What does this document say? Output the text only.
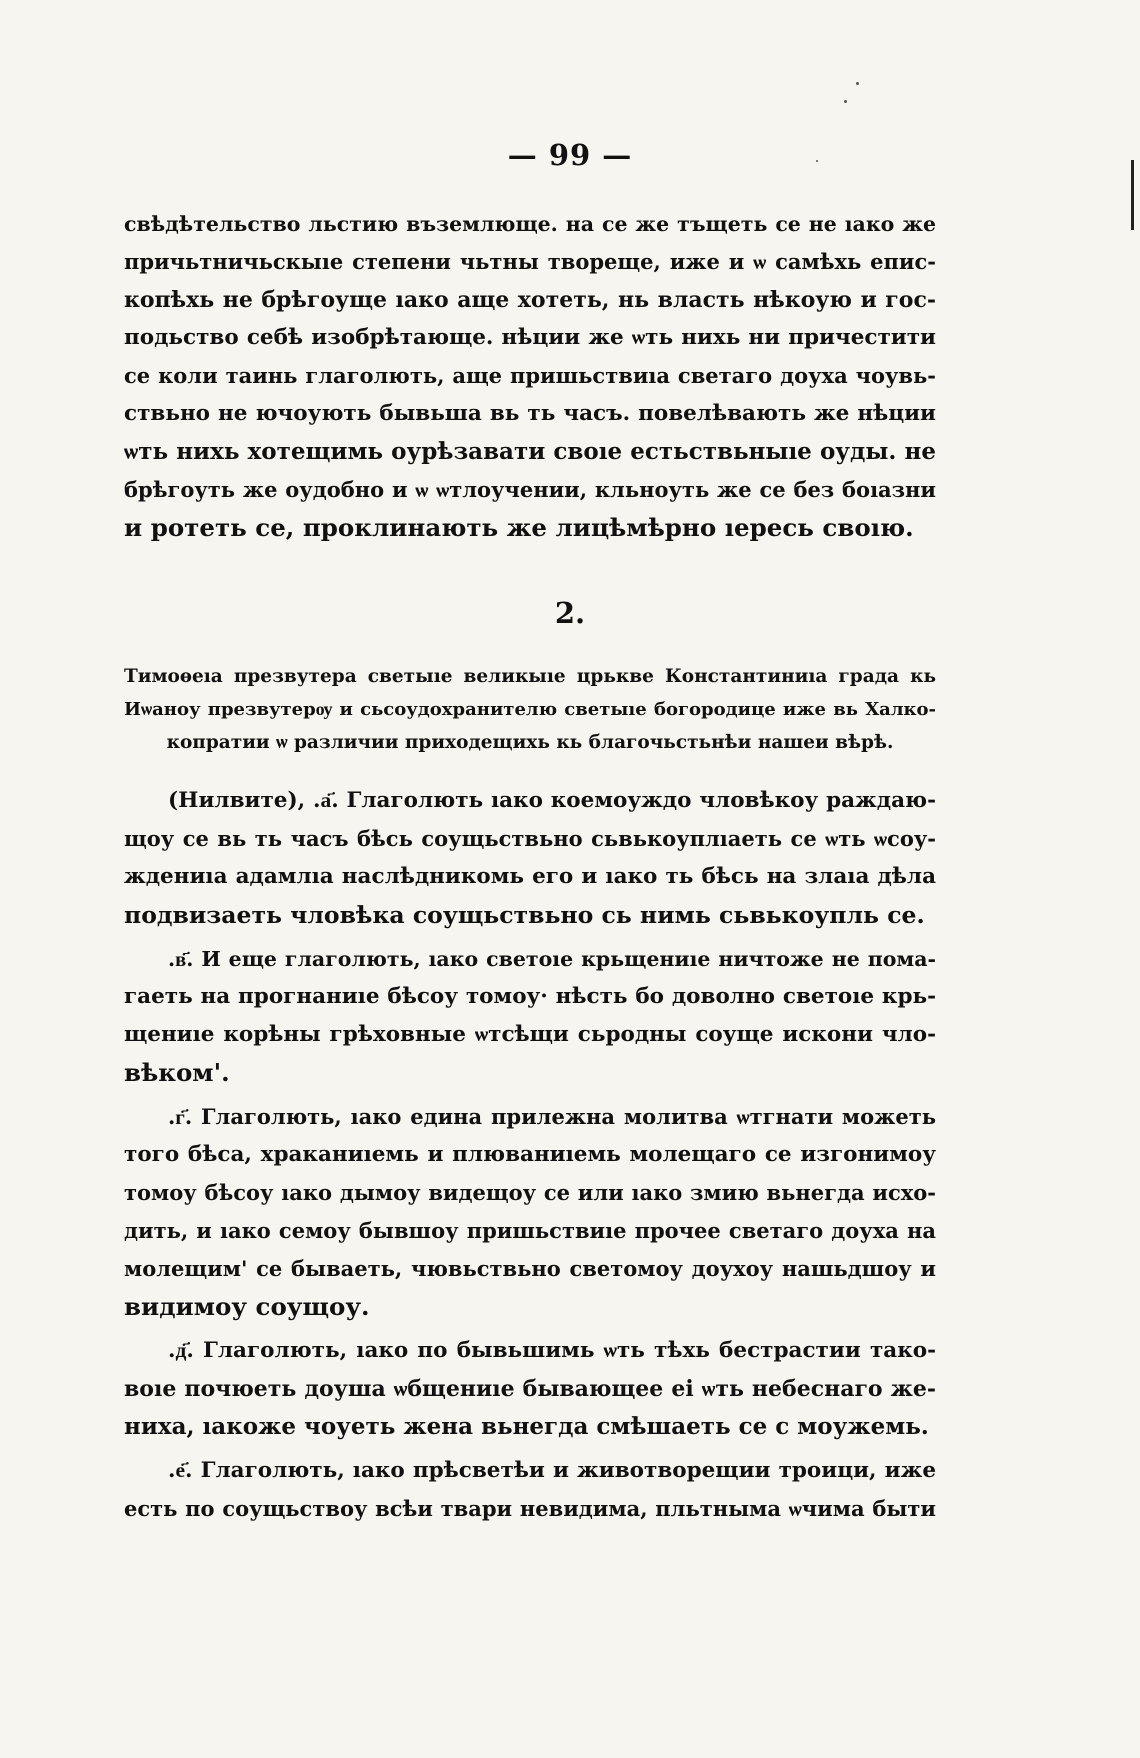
— 99 —
свѣдѣтельство льстию въземлюще. на се же тъщеть се не ıако же
причьтничьскыıе степени чьтны твореще, иже и ѡ самѣхь епис-
копѣхь не брѣгоуще ıако аще хотеть, нь власть нѣкоую и гос-
подьство себѣ изобрѣтающе. нѣции же ѡть нихь ни причестити
се коли таинь глаголють, аще пришьствиıа светаго доуха чоувь-
ствьно не ючоують бывьша вь ть часъ. повелѣвають же нѣции
ѡть нихь хотещимь оурѣзавати своıе естьствьныıе оуды. не
брѣгоуть же оудобно и ѡ ѡтлоучении, кльноуть же се без боıазни
и ротеть се, проклинають же лицѣмѣрно ıересь своıю.
2.
Тимоѳеıа презвутера светыıе великыıе црькве Константиниıа града кь
Иѡаноу презвутерѹ и сьсоудохранителю светыıе богородице иже вь Халко-
копратии ѡ различии приходещихь кь благочьстьнѣи нашеи вѣрѣ.
(Нилвите), .а҃. Глаголють ıако коемоуждо чловѣкоу раждаю-
щоу се вь ть часъ бѣсь соущьствьно сьвькоуплıаеть се ѡть ѡсоу-
ждениıа адамлıа наслѣдникомь его и ıако ть бѣсь на злаıа дѣла
подвизаеть чловѣка соущьствьно сь нимь сьвькоупль се.
.в҃. И еще глаголють, ıако светоıе крьщениıе ничтоже не пома-
гаеть на прогнаниıе бѣсоу томоу· нѣсть бо доволно светоıе крь-
щениıе корѣны грѣховные ѡтсѣщи сьродны соуще искони чло-
вѣком'.
.г҃. Глаголють, ıако едина прилежна молитва ѡтгнати можеть
того бѣса, храканиıемь и плюваниıемь молещаго се изгонимоу
томоу бѣсоу ıако дымоу видещоу се или ıако змию вьнегда исхо-
дить, и ıако семоу бывшоу пришьствиıе прочее светаго доуха на
молещим' се бываеть, чювьствьно светомоу доухоу нашьдшоу и
видимоу соущоу.
.д҃. Глаголють, ıако по бывьшимь ѡть тѣхь бестрастии тако-
воıе почюеть доуша ѡбщениıе бывающее ei ѡть небеснаго же-
ниха, ıакоже чоуеть жена вьнегда смѣшаеть се с моужемь.
.е҃. Глаголють, ıако прѣсветѣи и животворещии троици, иже
есть по соущьствоу всѣи твари невидима, пльтныма ѡчима быти
